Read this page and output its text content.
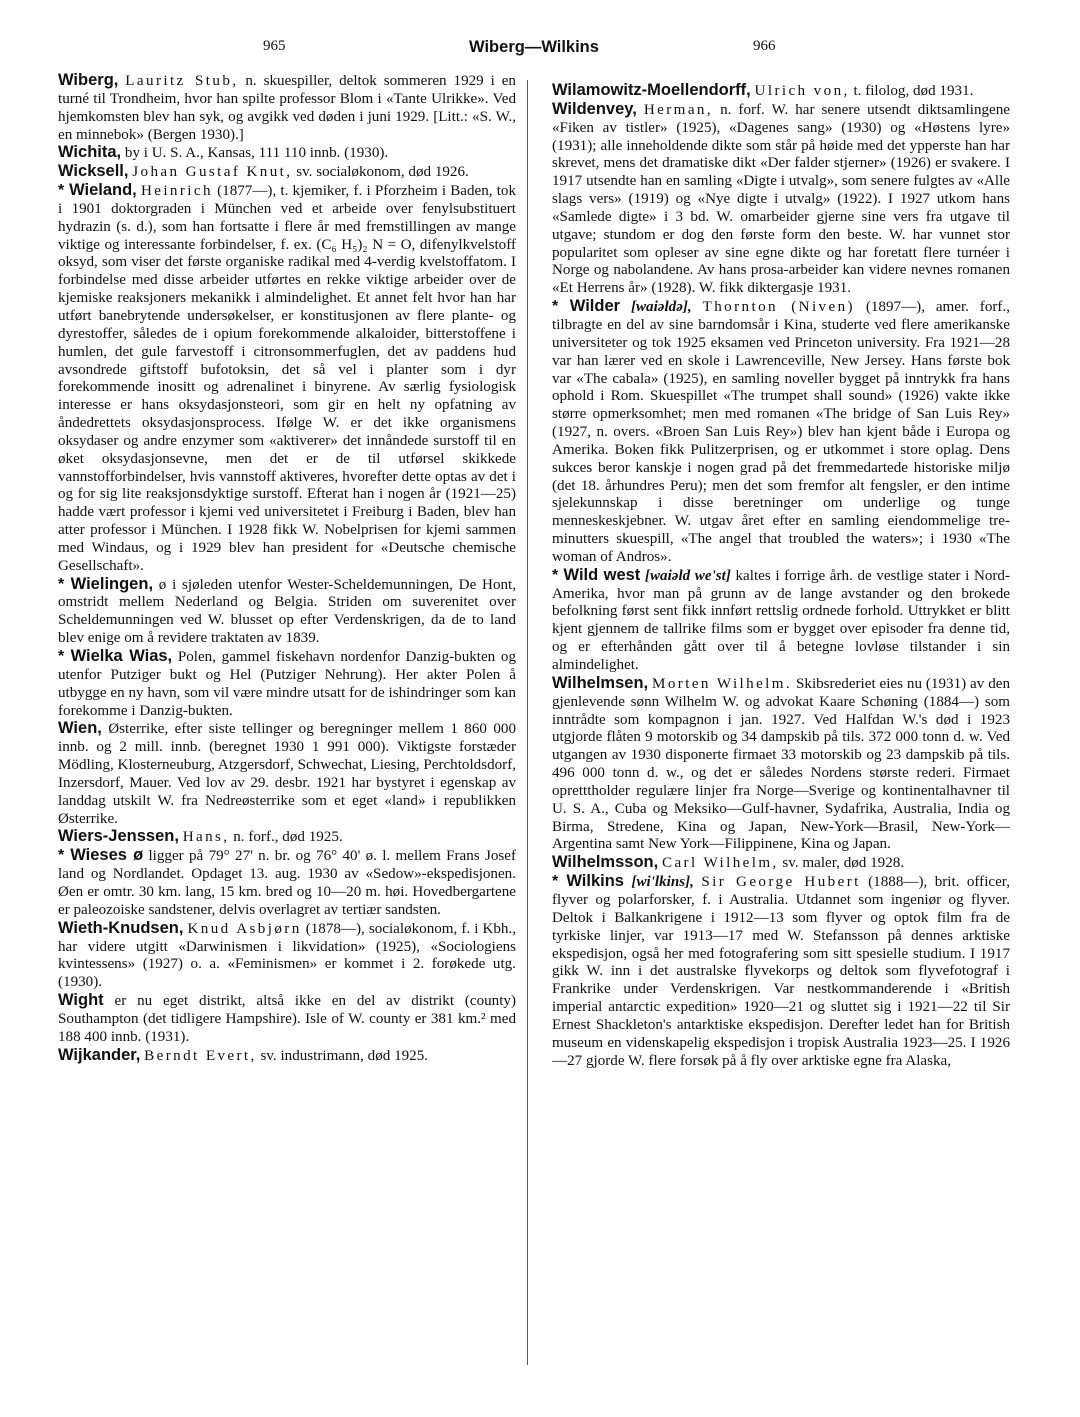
965	Wiberg—Wilkins	966

Wiberg, Lauritz Stub, n. skuespiller, deltok sommeren 1929 i en turné til Trondheim, hvor han spilte professor Blom i «Tante Ulrikke». Ved hjemkomsten blev han syk, og avgikk ved døden i juni 1929. [Litt.: «S. W., en minnebok» (Bergen 1930).]

Wichita, by i U. S. A., Kansas, 111 110 innb. (1930).

Wicksell, Johan Gustaf Knut, sv. socialøkonom, død 1926.

* Wieland, Heinrich (1877—), t. kjemiker, f. i Pforzheim i Baden, tok i 1901 doktorgraden i München ved et arbeide over fenylsubstituert hydrazin (s. d.), som han fortsatte i flere år med fremstillingen av mange viktige og interessante forbindelser, f. ex. (C₆ H₅)₂ N = O, difenylkvelstoff oksyd, som viser det første organiske radikal med 4-verdig kvelstoffatom. I forbindelse med disse arbeider utførtes en rekke viktige arbeider over de kjemiske reaksjoners mekanikk i almindelighet. Et annet felt hvor han har utført banebrytende undersøkelser, er konstitusjonen av flere plante- og dyrestoffer, således de i opium forekommende alkaloider, bitterstoffene i humlen, det gule farvestoff i citronsommerfuglen, det av paddens hud avsondrede giftstoff bufotoksin, det så vel i planter som i dyr forekommende inositt og adrenalinet i binyrene. Av særlig fysiologisk interesse er hans oksydasjonsteori, som gir en helt ny opfatning av åndedrettets oksydasjonsprocess. Ifølge W. er det ikke organismens oksydaser og andre enzymer som «aktiverer» det innåndede surstoff til en øket oksydasjonsevne, men det er de til utførsel skikkede vannstofforbindelser, hvis vannstoff aktiveres, hvorefter dette optas av det i og for sig lite reaksjonsdyktige surstoff. Efterat han i nogen år (1921—25) hadde vært professor i kjemi ved universitetet i Freiburg i Baden, blev han atter professor i München. I 1928 fikk W. Nobelprisen for kjemi sammen med Windaus, og i 1929 blev han president for «Deutsche chemische Gesellschaft».

* Wielingen, ø i sjøleden utenfor Wester-Scheldemunningen, De Hont, omstridt mellem Nederland og Belgia. Striden om suverenitet over Scheldemunningen ved W. blusset op efter Verdenskrigen, da de to land blev enige om å revidere traktaten av 1839.

* Wielka Wias, Polen, gammel fiskehavn nordenfor Danzig-bukten og utenfor Putziger bukt og Hel (Putziger Nehrung). Her akter Polen å utbygge en ny havn, som vil være mindre utsatt for de ishindringer som kan forekomme i Danzig-bukten.

Wien, Østerrike, efter siste tellinger og beregninger mellem 1 860 000 innb. og 2 mill. innb. (beregnet 1930 1 991 000). Viktigste forstæder Mödling, Klosterneuburg, Atzgersdorf, Schwechat, Liesing, Perchtoldsdorf, Inzersdorf, Mauer. Ved lov av 29. desbr. 1921 har bystyret i egenskap av landdag utskilt W. fra Nedreøsterrike som et eget «land» i republikken Østerrike.

Wiers-Jenssen, Hans, n. forf., død 1925.

* Wieses ø ligger på 79° 27' n. br. og 76° 40' ø. l. mellem Frans Josef land og Nordlandet. Opdaget 13. aug. 1930 av «Sedow»-ekspedisjonen. Øen er omtr. 30 km. lang, 15 km. bred og 10—20 m. høi. Hovedbergartene er paleozoiske sandstener, delvis overlagret av tertiær sandsten.

Wieth-Knudsen, Knud Asbjørn (1878—), socialøkonom, f. i Kbh., har videre utgitt «Darwinismen i likvidation» (1925), «Sociologiens kvintessens» (1927) o. a. «Feminismen» er kommet i 2. forøkede utg. (1930).

Wight er nu eget distrikt, altså ikke en del av distrikt (county) Southampton (det tidligere Hampshire). Isle of W. county er 381 km.² med 188 400 innb. (1931).

Wijkander, Berndt Evert, sv. industrimann, død 1925.

Wilamowitz-Moellendorff, Ulrich von, t. filolog, død 1931.

Wildenvey, Herman, n. forf. W. har senere utsendt diktsamlingene «Fiken av tistler» (1925), «Dagenes sang» (1930) og «Høstens lyre» (1931); alle inneholdende dikte som står på høide med det ypperste han har skrevet, mens det dramatiske dikt «Der falder stjerner» (1926) er svakere. I 1917 utsendte han en samling «Digte i utvalg», som senere fulgtes av «Alle slags vers» (1919) og «Nye digte i utvalg» (1922). I 1927 utkom hans «Samlede digte» i 3 bd. W. omarbeider gjerne sine vers fra utgave til utgave; stundom er dog den første form den beste. W. har vunnet stor popularitet som opleser av sine egne dikte og har foretatt flere turnéer i Norge og nabolandene. Av hans prosa-arbeider kan videre nevnes romanen «Et Herrens år» (1928). W. fikk diktergasje 1931.

* Wilder [waiǝldǝ], Thornton (Niven) (1897—), amer. forf., tilbragte en del av sine barndomsår i Kina, studerte ved flere amerikanske universiteter og tok 1925 eksamen ved Princeton university. Fra 1921—28 var han lærer ved en skole i Lawrenceville, New Jersey. Hans første bok var «The cabala» (1925), en samling noveller bygget på inntrykk fra hans ophold i Rom. Skuespillet «The trumpet shall sound» (1926) vakte ikke større opmerksomhet; men med romanen «The bridge of San Luis Rey» (1927, n. overs. «Broen San Luis Rey») blev han kjent både i Europa og Amerika. Boken fikk Pulitzerprisen, og er utkommet i store oplag. Dens sukces beror kanskje i nogen grad på det fremmedartede historiske miljø (det 18. århundres Peru); men det som fremfor alt fengsler, er den intime sjelekunnskap i disse beretninger om underlige og tunge menneskeskjebner. W. utgav året efter en samling eiendommelige tre-minutters skuespill, «The angel that troubled the waters»; i 1930 «The woman of Andros».

* Wild west [waiǝld we'st] kaltes i forrige årh. de vestlige stater i Nord-Amerika, hvor man på grunn av de lange avstander og den brokede befolkning først sent fikk innført rettslig ordnede forhold. Uttrykket er blitt kjent gjennem de tallrike films som er bygget over episoder fra denne tid, og er efterhånden gått over til å betegne lovløse tilstander i sin almindelighet.

Wilhelmsen, Morten Wilhelm. Skibsrederiet eies nu (1931) av den gjenlevende sønn Wilhelm W. og advokat Kaare Schøning (1884—) som inntrådte som kompagnon i jan. 1927. Ved Halfdan W.'s død i 1923 utgjorde flåten 9 motorskib og 34 dampskib på tils. 372 000 tonn d. w. Ved utgangen av 1930 disponerte firmaet 33 motorskib og 23 dampskib på tils. 496 000 tonn d. w., og det er således Nordens største rederi. Firmaet opretttholder regulære linjer fra Norge—Sverige og kontinentalhavner til U. S. A., Cuba og Meksiko—Gulf-havner, Sydafrika, Australia, India og Birma, Stredene, Kina og Japan, New-York—Brasil, New-York—Argentina samt New York—Filippinene, Kina og Japan.

Wilhelmsson, Carl Wilhelm, sv. maler, død 1928.

* Wilkins [wi'lkins], Sir George Hubert (1888—), brit. officer, flyver og polarforsker, f. i Australia. Utdannet som ingeniør og flyver. Deltok i Balkankrigene i 1912—13 som flyver og optok film fra de tyrkiske linjer, var 1913—17 med W. Stefansson på dennes arktiske ekspedisjon, også her med fotografering som sitt spesielle studium. I 1917 gikk W. inn i det australske flyvekorps og deltok som flyvefotograf i Frankrike under Verdenskrigen. Var nestkommanderende i «British imperial antarctic expedition» 1920—21 og sluttet sig i 1921—22 til Sir Ernest Shackleton's antarktiske ekspedisjon. Derefter ledet han for British museum en videnskapelig ekspedisjon i tropisk Australia 1923—25. I 1926—27 gjorde W. flere forsøk på å fly over arktiske egne fra Alaska,
